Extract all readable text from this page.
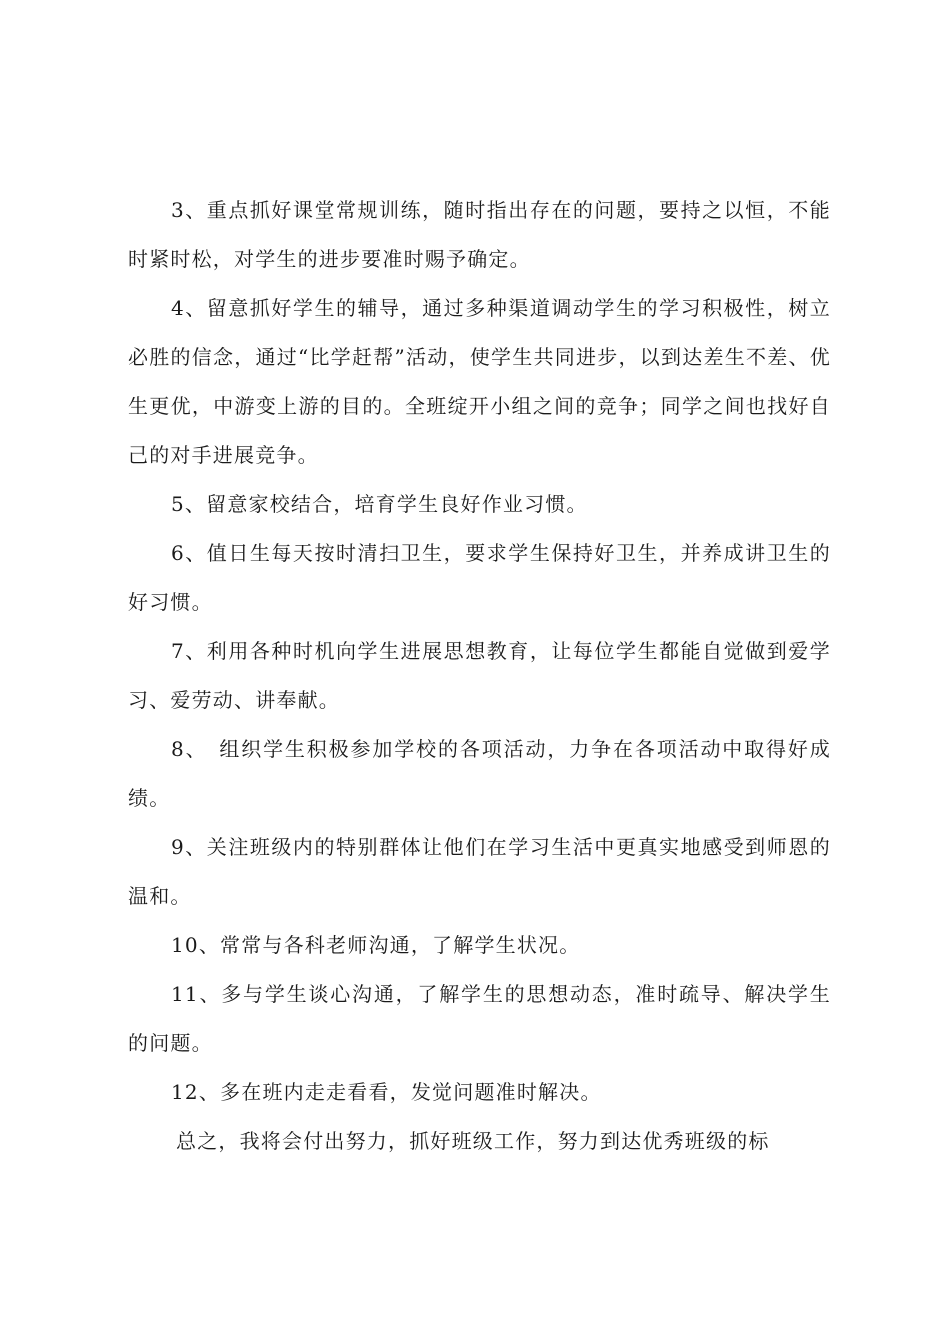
3、重点抓好课堂常规训练，随时指出存在的问题，要持之以恒，不能时紧时松，对学生的进步要准时赐予确定。

4、留意抓好学生的辅导，通过多种渠道调动学生的学习积极性，树立必胜的信念，通过“比学赶帮”活动，使学生共同进步，以到达差生不差、优生更优，中游变上游的目的。全班绽开小组之间的竞争；同学之间也找好自己的对手进展竞争。

5、留意家校结合，培育学生良好作业习惯。

6、值日生每天按时清扫卫生，要求学生保持好卫生，并养成讲卫生的好习惯。

7、利用各种时机向学生进展思想教育，让每位学生都能自觉做到爱学习、爱劳动、讲奉献。

8、　组织学生积极参加学校的各项活动，力争在各项活动中取得好成绩。

9、关注班级内的特别群体让他们在学习生活中更真实地感受到师恩的温和。

10、常常与各科老师沟通，了解学生状况。

11、多与学生谈心沟通，了解学生的思想动态，准时疏导、解决学生的问题。

12、多在班内走走看看，发觉问题准时解决。

总之，我将会付出努力，抓好班级工作，努力到达优秀班级的标
